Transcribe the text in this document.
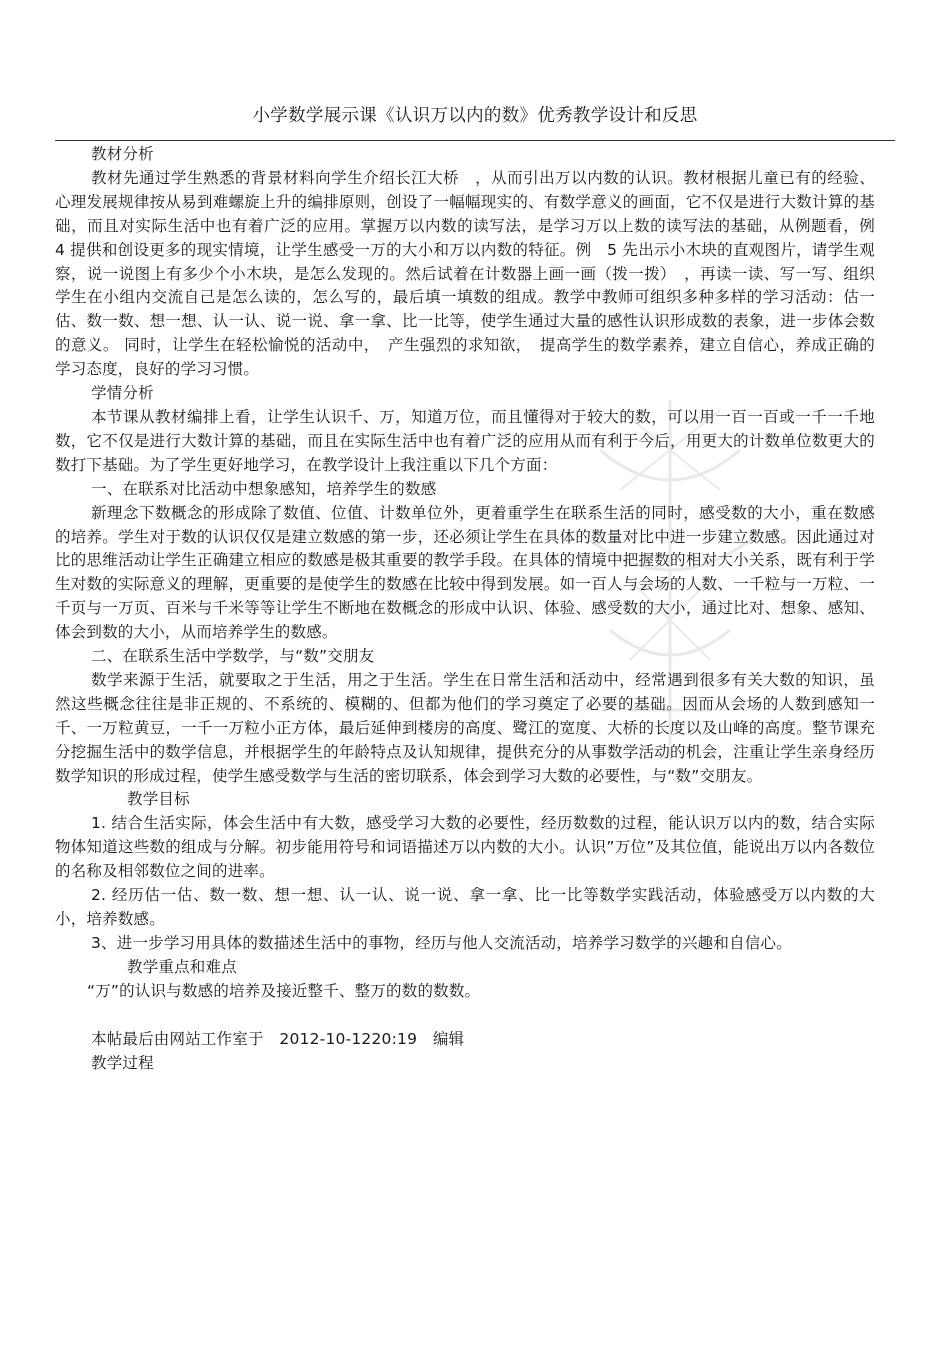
小学数学展示课《认识万以内的数》优秀教学设计和反思

教材分析

教材先通过学生熟悉的背景材料向学生介绍长江大桥　，从而引出万以内数的认识。教材根据儿童已有的经验、心理发展规律按从易到难螺旋上升的编排原则，创设了一幅幅现实的、有数学意义的画面，它不仅是进行大数计算的基础，而且对实际生活中也有着广泛的应用。掌握万以内数的读写法，是学习万以上数的读写法的基础，从例题看，例　4 提供和创设更多的现实情境，让学生感受一万的大小和万以内数的特征。例　5 先出示小木块的直观图片，请学生观察，说一说图上有多少个小木块，是怎么发现的。然后试着在计数器上画一画（拨一拨）　，再读一读、写一写、组织学生在小组内交流自己是怎么读的，怎么写的，最后填一填数的组成。教学中教师可组织多种多样的学习活动：估一估、数一数、想一想、认一认、说一说、拿一拿、比一比等，使学生通过大量的感性认识形成数的表象，进一步体会数的意义。 同时，让学生在轻松愉悦的活动中，　产生强烈的求知欲，　提高学生的数学素养，建立自信心，养成正确的学习态度，良好的学习习惯。

学情分析

本节课从教材编排上看，让学生认识千、万，知道万位，而且懂得对于较大的数，可以用一百一百或一千一千地数，它不仅是进行大数计算的基础，而且在实际生活中也有着广泛的应用从而有利于今后，用更大的计数单位数更大的数打下基础。为了学生更好地学习，在教学设计上我注重以下几个方面：

一、在联系对比活动中想象感知，培养学生的数感

新理念下数概念的形成除了数值、位值、计数单位外，更着重学生在联系生活的同时，感受数的大小，重在数感的培养。学生对于数的认识仅仅是建立数感的第一步，还必须让学生在具体的数量对比中进一步建立数感。因此通过对比的思维活动让学生正确建立相应的数感是极其重要的教学手段。在具体的情境中把握数的相对大小关系，既有利于学生对数的实际意义的理解，更重要的是使学生的数感在比较中得到发展。如一百人与会场的人数、一千粒与一万粒、一千页与一万页、百米与千米等等让学生不断地在数概念的形成中认识、体验、感受数的大小，通过比对、想象、感知、体会到数的大小，从而培养学生的数感。

二、在联系生活中学数学，与“数”交朋友

数学来源于生活，就要取之于生活，用之于生活。学生在日常生活和活动中，经常遇到很多有关大数的知识，虽然这些概念往往是非正规的、不系统的、模糊的、但都为他们的学习奠定了必要的基础。因而从会场的人数到感知一千、一万粒黄豆，一千一万粒小正方体，最后延伸到楼房的高度、鹭江的宽度、大桥的长度以及山峰的高度。整节课充分挖掘生活中的数学信息，并根据学生的年龄特点及认知规律，提供充分的从事数学活动的机会，注重让学生亲身经历数学知识的形成过程，使学生感受数学与生活的密切联系，体会到学习大数的必要性，与“数”交朋友。

教学目标

1. 结合生活实际，体会生活中有大数，感受学习大数的必要性，经历数数的过程，能认识万以内的数，结合实际物体知道这些数的组成与分解。初步能用符号和词语描述万以内数的大小。认识”万位”及其位值，能说出万以内各数位的名称及相邻数位之间的进率。

2. 经历估一估、数一数、想一想、认一认、说一说、拿一拿、比一比等数学实践活动，体验感受万以内数的大小，培养数感。

3、进一步学习用具体的数描述生活中的事物，经历与他人交流活动，培养学习数学的兴趣和自信心。

教学重点和难点

“万”的认识与数感的培养及接近整千、整万的数的数数。

本帖最后由网站工作室于　2012-10-1220:19　编辑

教学过程
